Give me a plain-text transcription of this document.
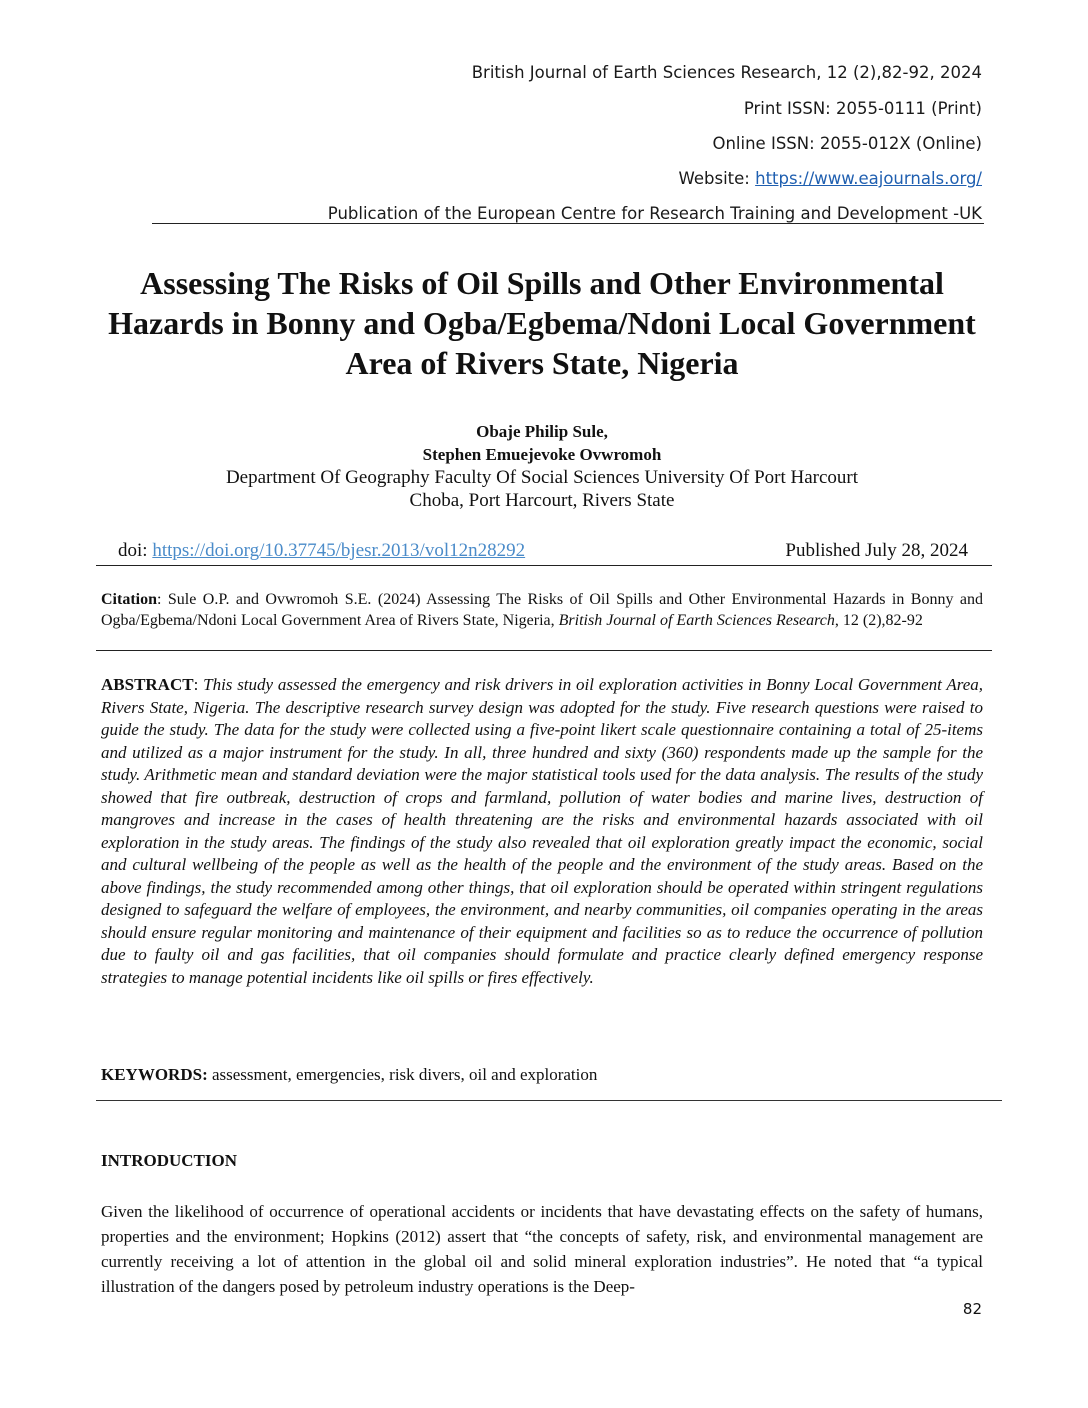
British Journal of Earth Sciences Research, 12 (2),82-92, 2024
Print ISSN: 2055-0111 (Print)
Online ISSN: 2055-012X (Online)
Website: https://www.eajournals.org/
Publication of the European Centre for Research Training and Development -UK
Assessing The Risks of Oil Spills and Other Environmental
Hazards in Bonny and Ogba/Egbema/Ndoni Local Government
Area of Rivers State, Nigeria
Obaje Philip Sule,
Stephen Emuejevoke Ovwromoh
Department Of Geography Faculty Of Social Sciences University Of Port Harcourt
Choba, Port Harcourt, Rivers State
doi: https://doi.org/10.37745/bjesr.2013/vol12n28292	Published July 28, 2024
Citation: Sule O.P. and Ovwromoh S.E. (2024) Assessing The Risks of Oil Spills and Other Environmental Hazards in Bonny and Ogba/Egbema/Ndoni Local Government Area of Rivers State, Nigeria, British Journal of Earth Sciences Research, 12 (2),82-92
ABSTRACT: This study assessed the emergency and risk drivers in oil exploration activities in Bonny Local Government Area, Rivers State, Nigeria. The descriptive research survey design was adopted for the study. Five research questions were raised to guide the study. The data for the study were collected using a five-point likert scale questionnaire containing a total of 25-items and utilized as a major instrument for the study. In all, three hundred and sixty (360) respondents made up the sample for the study. Arithmetic mean and standard deviation were the major statistical tools used for the data analysis. The results of the study showed that fire outbreak, destruction of crops and farmland, pollution of water bodies and marine lives, destruction of mangroves and increase in the cases of health threatening are the risks and environmental hazards associated with oil exploration in the study areas. The findings of the study also revealed that oil exploration greatly impact the economic, social and cultural wellbeing of the people as well as the health of the people and the environment of the study areas. Based on the above findings, the study recommended among other things, that oil exploration should be operated within stringent regulations designed to safeguard the welfare of employees, the environment, and nearby communities, oil companies operating in the areas should ensure regular monitoring and maintenance of their equipment and facilities so as to reduce the occurrence of pollution due to faulty oil and gas facilities, that oil companies should formulate and practice clearly defined emergency response strategies to manage potential incidents like oil spills or fires effectively.
KEYWORDS: assessment, emergencies, risk divers, oil and exploration
INTRODUCTION
Given the likelihood of occurrence of operational accidents or incidents that have devastating effects on the safety of humans, properties and the environment; Hopkins (2012) assert that “the concepts of safety, risk, and environmental management are currently receiving a lot of attention in the global oil and solid mineral exploration industries”. He noted that “a typical illustration of the dangers posed by petroleum industry operations is the Deep-
82
